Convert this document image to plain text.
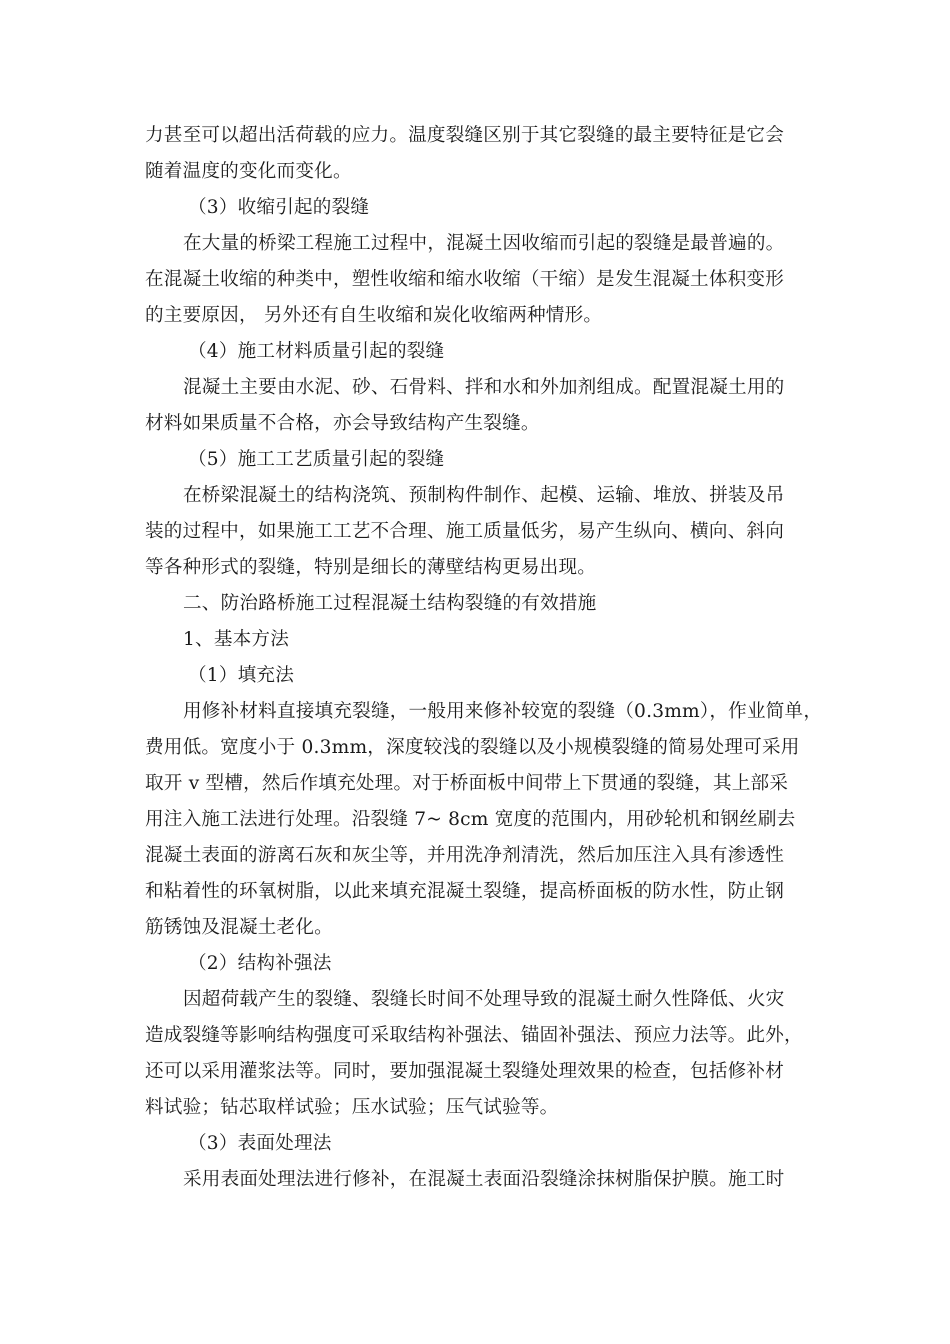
力甚至可以超出活荷载的应力。温度裂缝区别于其它裂缝的最主要特征是它会

随着温度的变化而变化。

（3）收缩引起的裂缝

在大量的桥梁工程施工过程中，混凝土因收缩而引起的裂缝是最普遍的。

在混凝土收缩的种类中，塑性收缩和缩水收缩（干缩）是发生混凝土体积变形

的主要原因， 另外还有自生收缩和炭化收缩两种情形。

（4）施工材料质量引起的裂缝

混凝土主要由水泥、砂、石骨料、拌和水和外加剂组成。配置混凝土用的

材料如果质量不合格，亦会导致结构产生裂缝。

（5）施工工艺质量引起的裂缝

在桥梁混凝土的结构浇筑、预制构件制作、起模、运输、堆放、拼装及吊

装的过程中，如果施工工艺不合理、施工质量低劣，易产生纵向、横向、斜向

等各种形式的裂缝，特别是细长的薄壁结构更易出现。

二、防治路桥施工过程混凝土结构裂缝的有效措施

1、基本方法

（1）填充法

用修补材料直接填充裂缝，一般用来修补较宽的裂缝（0.3mm），作业简单，

费用低。宽度小于 0.3mm，深度较浅的裂缝以及小规模裂缝的简易处理可采用

取开 v 型槽，然后作填充处理。对于桥面板中间带上下贯通的裂缝，其上部采

用注入施工法进行处理。沿裂缝 7~ 8cm 宽度的范围内，用砂轮机和钢丝刷去

混凝土表面的游离石灰和灰尘等，并用洗净剂清洗，然后加压注入具有渗透性

和粘着性的环氧树脂，以此来填充混凝土裂缝，提高桥面板的防水性，防止钢

筋锈蚀及混凝土老化。

（2）结构补强法

因超荷载产生的裂缝、裂缝长时间不处理导致的混凝土耐久性降低、火灾

造成裂缝等影响结构强度可采取结构补强法、锚固补强法、预应力法等。此外，

还可以采用灌浆法等。同时，要加强混凝土裂缝处理效果的检查，包括修补材

料试验；钻芯取样试验；压水试验；压气试验等。

（3）表面处理法

采用表面处理法进行修补，在混凝土表面沿裂缝涂抹树脂保护膜。施工时
